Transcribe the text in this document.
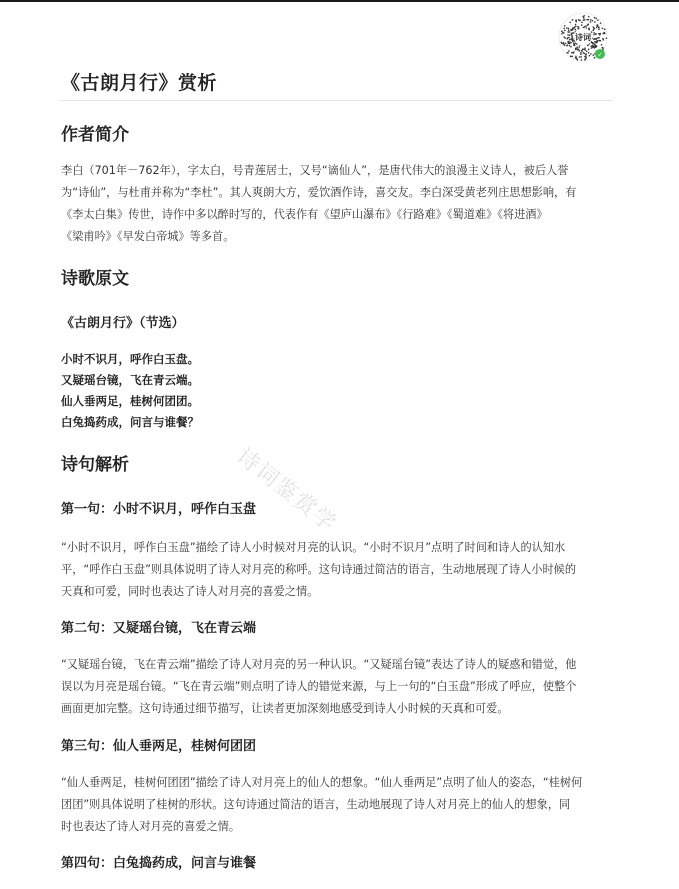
诗词
✓
《古朗月行》赏析
作者简介
李白（701年－762年），字太白，号青莲居士，又号“谪仙人”，是唐代伟大的浪漫主义诗人，被后人誉
为“诗仙”，与杜甫并称为“李杜”。其人爽朗大方，爱饮酒作诗，喜交友。李白深受黄老列庄思想影响，有
《李太白集》传世，诗作中多以醉时写的，代表作有《望庐山瀑布》《行路难》《蜀道难》《将进酒》
《梁甫吟》《早发白帝城》等多首。
诗歌原文
《古朗月行》（节选）
小时不识月，呼作白玉盘。
又疑瑶台镜，飞在青云端。
仙人垂两足，桂树何团团。
白兔捣药成，问言与谁餐？
诗句解析
第一句：小时不识月，呼作白玉盘
“小时不识月，呼作白玉盘”描绘了诗人小时候对月亮的认识。“小时不识月”点明了时间和诗人的认知水
平，“呼作白玉盘”则具体说明了诗人对月亮的称呼。这句诗通过简洁的语言，生动地展现了诗人小时候的
天真和可爱，同时也表达了诗人对月亮的喜爱之情。
第二句：又疑瑶台镜，飞在青云端
“又疑瑶台镜，飞在青云端”描绘了诗人对月亮的另一种认识。“又疑瑶台镜”表达了诗人的疑惑和错觉，他
误以为月亮是瑶台镜。“飞在青云端”则点明了诗人的错觉来源，与上一句的“白玉盘”形成了呼应，使整个
画面更加完整。这句诗通过细节描写，让读者更加深刻地感受到诗人小时候的天真和可爱。
第三句：仙人垂两足，桂树何团团
“仙人垂两足，桂树何团团”描绘了诗人对月亮上的仙人的想象。“仙人垂两足”点明了仙人的姿态，“桂树何
团团”则具体说明了桂树的形状。这句诗通过简洁的语言，生动地展现了诗人对月亮上的仙人的想象，同
时也表达了诗人对月亮的喜爱之情。
第四句：白兔捣药成，问言与谁餐
诗词鉴赏学
